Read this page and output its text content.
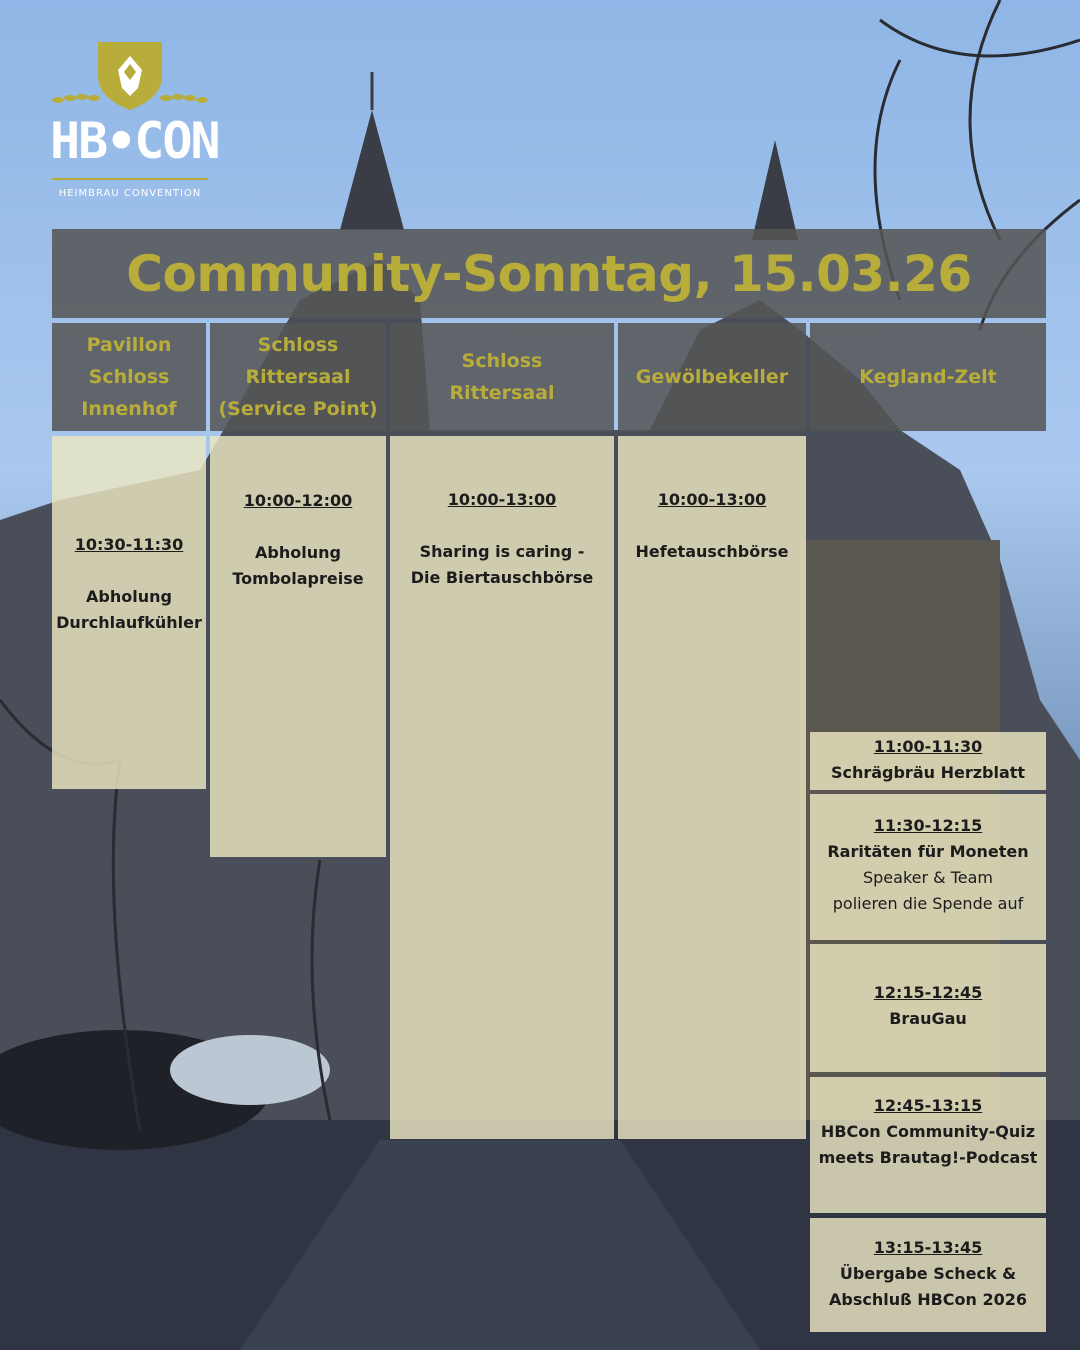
HB•CON
HEIMBRAU CONVENTION
Community-Sonntag, 15.03.26
Pavillon
Schloss
Innenhof
Schloss
Rittersaal
(Service Point)
Schloss
Rittersaal
Gewölbekeller	Kegland-Zelt
10:30-11:30
Abholung
Durchlaufkühler
10:00-12:00
Abholung
Tombolapreise
10:00-13:00
Sharing is caring -
Die Biertauschbörse
10:00-13:00
Hefetauschbörse
11:00-11:30
Schrägbräu Herzblatt
11:30-12:15
Raritäten für Moneten
Speaker & Team
polieren die Spende auf
12:15-12:45
BrauGau
12:45-13:15
HBCon Community-Quiz
meets Brautag!-Podcast
13:15-13:45
Übergabe Scheck &
Abschluß HBCon 2026
